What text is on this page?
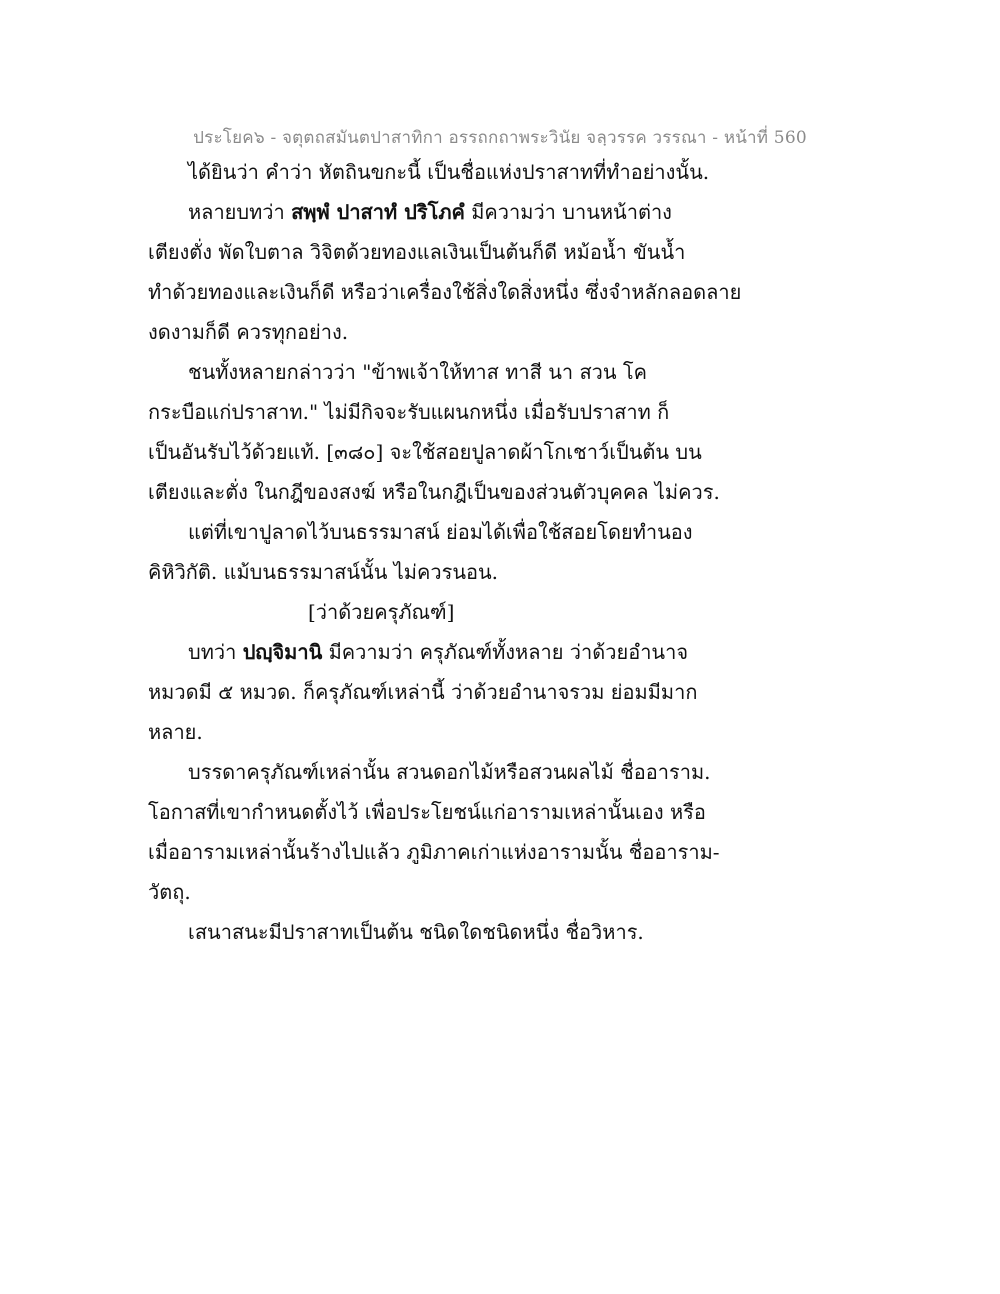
ประโยค๖ - จตุตถสมันตปาสาทิกา อรรถกถาพระวินัย จลฺวรรค วรรณา - หน้าที่ 560
ได้ยินว่า คำว่า หัตถินขกะนี้ เป็นชื่อแห่งปราสาทที่ทำอย่างนั้น.
หลายบทว่า สพฺพํ ปาสาทํ ปริโภคํ มีความว่า บานหน้าต่าง
เตียงตั่ง พัดใบตาล วิจิตด้วยทองแลเงินเป็นต้นก็ดี หม้อน้ำ ขันน้ำ
ทำด้วยทองและเงินก็ดี หรือว่าเครื่องใช้สิ่งใดสิ่งหนึ่ง ซึ่งจำหลักลอดลาย
งดงามก็ดี ควรทุกอย่าง.
ชนทั้งหลายกล่าวว่า "ข้าพเจ้าให้ทาส ทาสี นา สวน โค
กระบือแก่ปราสาท." ไม่มีกิจจะรับแผนกหนึ่ง เมื่อรับปราสาท ก็
เป็นอันรับไว้ด้วยแท้. [๓๘๐] จะใช้สอยปูลาดผ้าโกเชาว์เป็นต้น บน
เตียงและตั่ง ในกฎีของสงฆ์ หรือในกฎีเป็นของส่วนตัวบุคคล ไม่ควร.
แต่ที่เขาปูลาดไว้บนธรรมาสน์ ย่อมได้เพื่อใช้สอยโดยทำนอง
คิหิวิกัติ. แม้บนธรรมาสน์นั้น ไม่ควรนอน.
[ว่าด้วยครุภัณฑ์]
บทว่า ปญฺจิมานิ มีความว่า ครุภัณฑ์ทั้งหลาย ว่าด้วยอำนาจ
หมวดมี ๕ หมวด. ก็ครุภัณฑ์เหล่านี้ ว่าด้วยอำนาจรวม ย่อมมีมาก
หลาย.
บรรดาครุภัณฑ์เหล่านั้น สวนดอกไม้หรือสวนผลไม้ ชื่ออาราม.
โอกาสที่เขากำหนดตั้งไว้ เพื่อประโยชน์แก่อารามเหล่านั้นเอง หรือ
เมื่ออารามเหล่านั้นร้างไปแล้ว ภูมิภาคเก่าแห่งอารามนั้น ชื่ออาราม-
วัตถุ.
เสนาสนะมีปราสาทเป็นต้น ชนิดใดชนิดหนึ่ง ชื่อวิหาร.
